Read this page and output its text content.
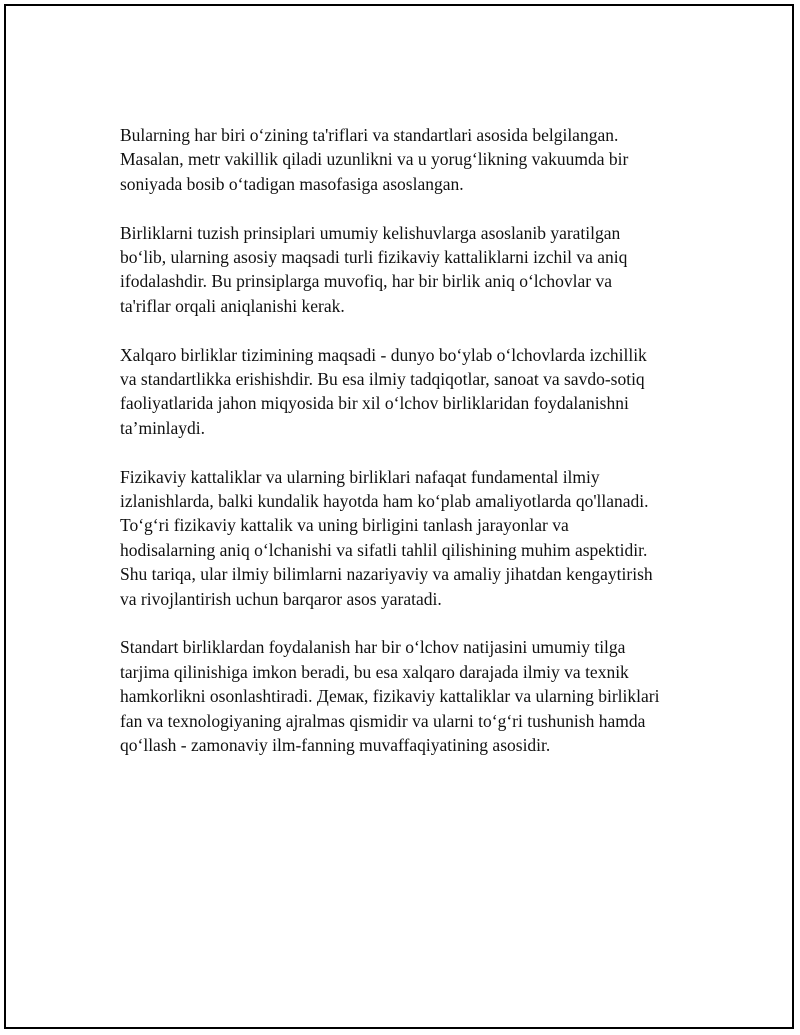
Bularning har biri o‘zining ta'riflari va standartlari asosida belgilangan.
Masalan, metr vakillik qiladi uzunlikni va u yorug‘likning vakuumda bir
soniyada bosib o‘tadigan masofasiga asoslangan.

Birliklarni tuzish prinsiplari umumiy kelishuvlarga asoslanib yaratilgan
bo‘lib, ularning asosiy maqsadi turli fizikaviy kattaliklarni izchil va aniq
ifodalashdir. Bu prinsiplarga muvofiq, har bir birlik aniq o‘lchovlar va
ta'riflar orqali aniqlanishi kerak.

Xalqaro birliklar tizimining maqsadi - dunyo bo‘ylab o‘lchovlarda izchillik
va standartlikka erishishdir. Bu esa ilmiy tadqiqotlar, sanoat va savdo-sotiq
faoliyatlarida jahon miqyosida bir xil o‘lchov birliklaridan foydalanishni
ta’minlaydi.

Fizikaviy kattaliklar va ularning birliklari nafaqat fundamental ilmiy
izlanishlarda, balki kundalik hayotda ham ko‘plab amaliyotlarda qo'llanadi.
To‘g‘ri fizikaviy kattalik va uning birligini tanlash jarayonlar va
hodisalarning aniq o‘lchanishi va sifatli tahlil qilishining muhim aspektidir.
Shu tariqa, ular ilmiy bilimlarni nazariyaviy va amaliy jihatdan kengaytirish
va rivojlantirish uchun barqaror asos yaratadi.

Standart birliklardan foydalanish har bir o‘lchov natijasini umumiy tilga
tarjima qilinishiga imkon beradi, bu esa xalqaro darajada ilmiy va texnik
hamkorlikni osonlashtiradi. Демак, fizikaviy kattaliklar va ularning birliklari
fan va texnologiyaning ajralmas qismidir va ularni to‘g‘ri tushunish hamda
qo‘llash - zamonaviy ilm-fanning muvaffaqiyatining asosidir.
